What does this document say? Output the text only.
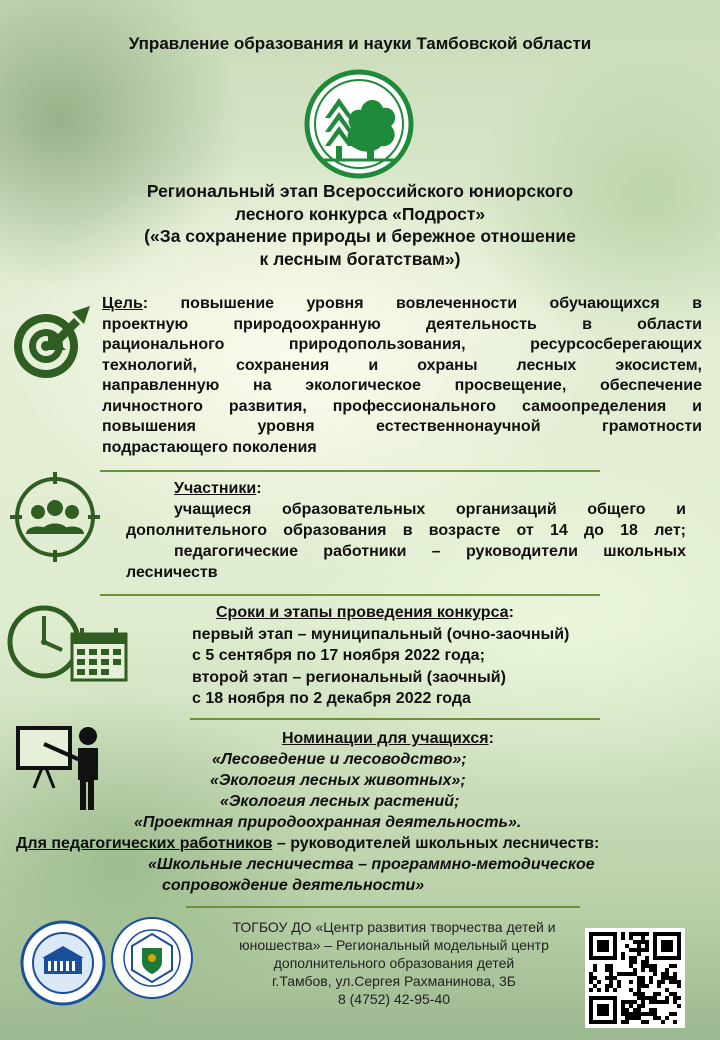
Управление образования и науки Тамбовской области
Региональный этап Всероссийского юниорского
лесного конкурса «Подрост»
(«За сохранение природы и бережное отношение
к лесным богатствам»)
Цель: повышение уровня вовлеченности обучающихся в
проектную природоохранную деятельность в области
рационального природопользования, ресурсосберегающих
технологий, сохранения и охраны лесных экосистем,
направленную на экологическое просвещение, обеспечение
личностного развития, профессионального самоопределения и
повышения уровня естественнонаучной грамотности
подрастающего поколения
Участники:
учащиеся образовательных организаций общего и
дополнительного образования в возрасте от 14 до 18 лет;
педагогические работники – руководители школьных
лесничеств
Сроки и этапы проведения конкурса:
первый этап – муниципальный (очно-заочный)
с 5 сентября по 17 ноября 2022 года;
второй этап – региональный (заочный)
с 18 ноября по 2 декабря 2022 года
Номинации для учащихся:
«Лесоведение и лесоводство»;
«Экология лесных животных»;
«Экология лесных растений;
«Проектная природоохранная деятельность».
Для педагогических работников – руководителей школьных лесничеств:
«Школьные лесничества – программно-методическое
сопровождение деятельности»
ТОГБОУ ДО «Центр развития творчества детей и
юношества» – Региональный модельный центр
дополнительного образования детей
г.Тамбов, ул.Сергея Рахманинова, 3Б
8 (4752) 42-95-40
